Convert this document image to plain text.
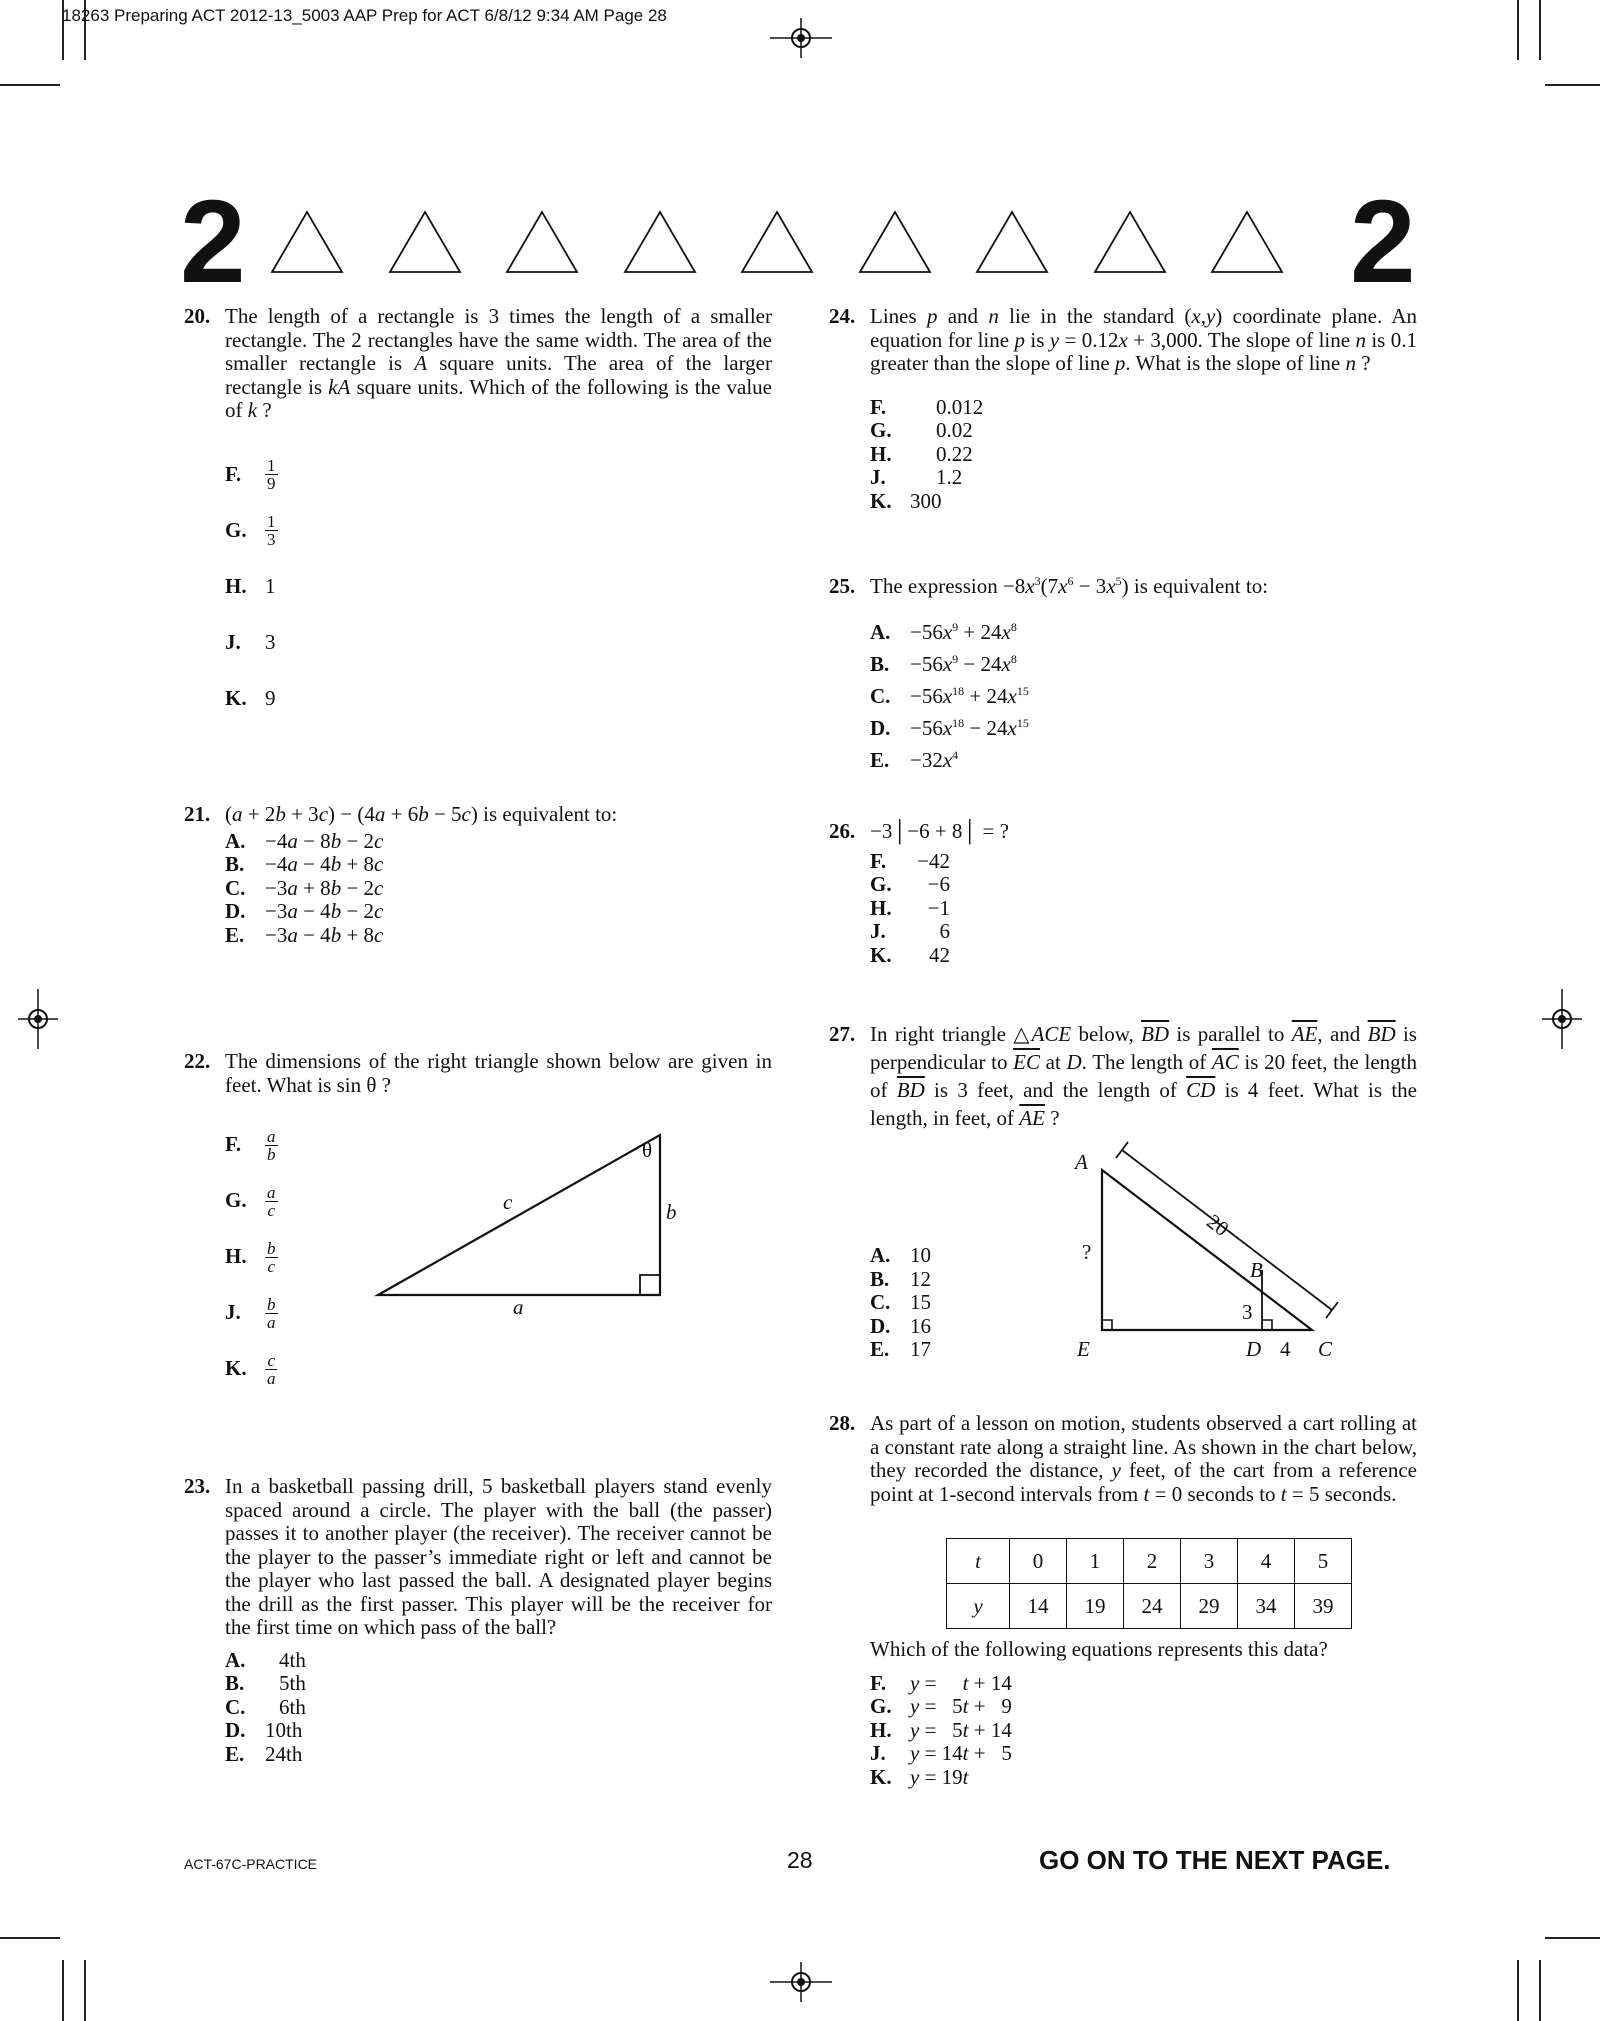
18263 Preparing ACT 2012-13_5003 AAP Prep for ACT 6/8/12 9:34 AM Page 28
2	2
20. The length of a rectangle is 3 times the length of a smaller rectangle. The 2 rectangles have the same width. The area of the smaller rectangle is A square units. The area of the larger rectangle is kA square units. Which of the following is the value of k ?
F.	$\frac{1}{9}$
G.	$\frac{1}{3}$
H. 1
J.	3
K. 9
21. (a + 2b + 3c) − (4a + 6b − 5c) is equivalent to:
A. −4a − 8b − 2c
B. −4a − 4b + 8c
C. −3a + 8b − 2c
D. −3a − 4b − 2c
E. −3a − 4b + 8c
22. The dimensions of the right triangle shown below are given in feet. What is sin θ ?
F.	$\frac{a}{b}$
G.	$\frac{a}{c}$
H.	$\frac{b}{c}$
J.	$\frac{b}{a}$
K.	$\frac{c}{a}$
c	b
a
θ
23. In a basketball passing drill, 5 basketball players stand evenly spaced around a circle. The player with the ball (the passer) passes it to another player (the receiver). The receiver cannot be the player to the passer’s immediate right or left and cannot be the player who last passed the ball. A designated player begins the drill as the first passer. This player will be the receiver for the first time on which pass of the ball?
A.	4th
B.	5th
C.	6th
D. 10th
E. 24th
24. Lines p and n lie in the standard (x,y) coordinate plane. An equation for line p is y = 0.12x + 3,000. The slope of line n is 0.1 greater than the slope of line p. What is the slope of line n ?
F.	0.012
G.	0.02
H.	0.22
J.	1.2
K. 300
25. The expression $-8x^3(7x^6 - 3x^5)$ is equivalent to:
A. $-56x^9 + 24x^8$
B. $-56x^9 - 24x^8$
C. $-56x^{18} + 24x^{15}$
D. $-56x^{18} - 24x^{15}$
E. $-32x^4$
26. −3│−6 + 8│ = ?
F.	−42
G.	−6
H.	−1
J.	6
K.	42
27. In right triangle △ACE below, $\overline{BD}$ is parallel to $\overline{AE}$, and $\overline{BD}$ is perpendicular to $\overline{EC}$ at D. The length of $\overline{AC}$ is 20 feet, the length of $\overline{BD}$ is 3 feet, and the length of $\overline{CD}$ is 4 feet. What is the length, in feet, of $\overline{AE}$ ?
A. 10
B. 12
C. 15
D. 16
E. 17
A
B
C
D
E
20
3
4
?
28. As part of a lesson on motion, students observed a cart rolling at a constant rate along a straight line. As shown in the chart below, they recorded the distance, y feet, of the cart from a reference point at 1-second intervals from t = 0 seconds to t = 5 seconds.
t	0	1	2	3	4	5
y	14	19	24	29	34	39
Which of the following equations represents this data?
F.	y =     t + 14
G. y =   5t +   9
H. y =   5t + 14
J.	y = 14t +   5
K. y = 19t
ACT-67C-PRACTICE	28	GO ON TO THE NEXT PAGE.
